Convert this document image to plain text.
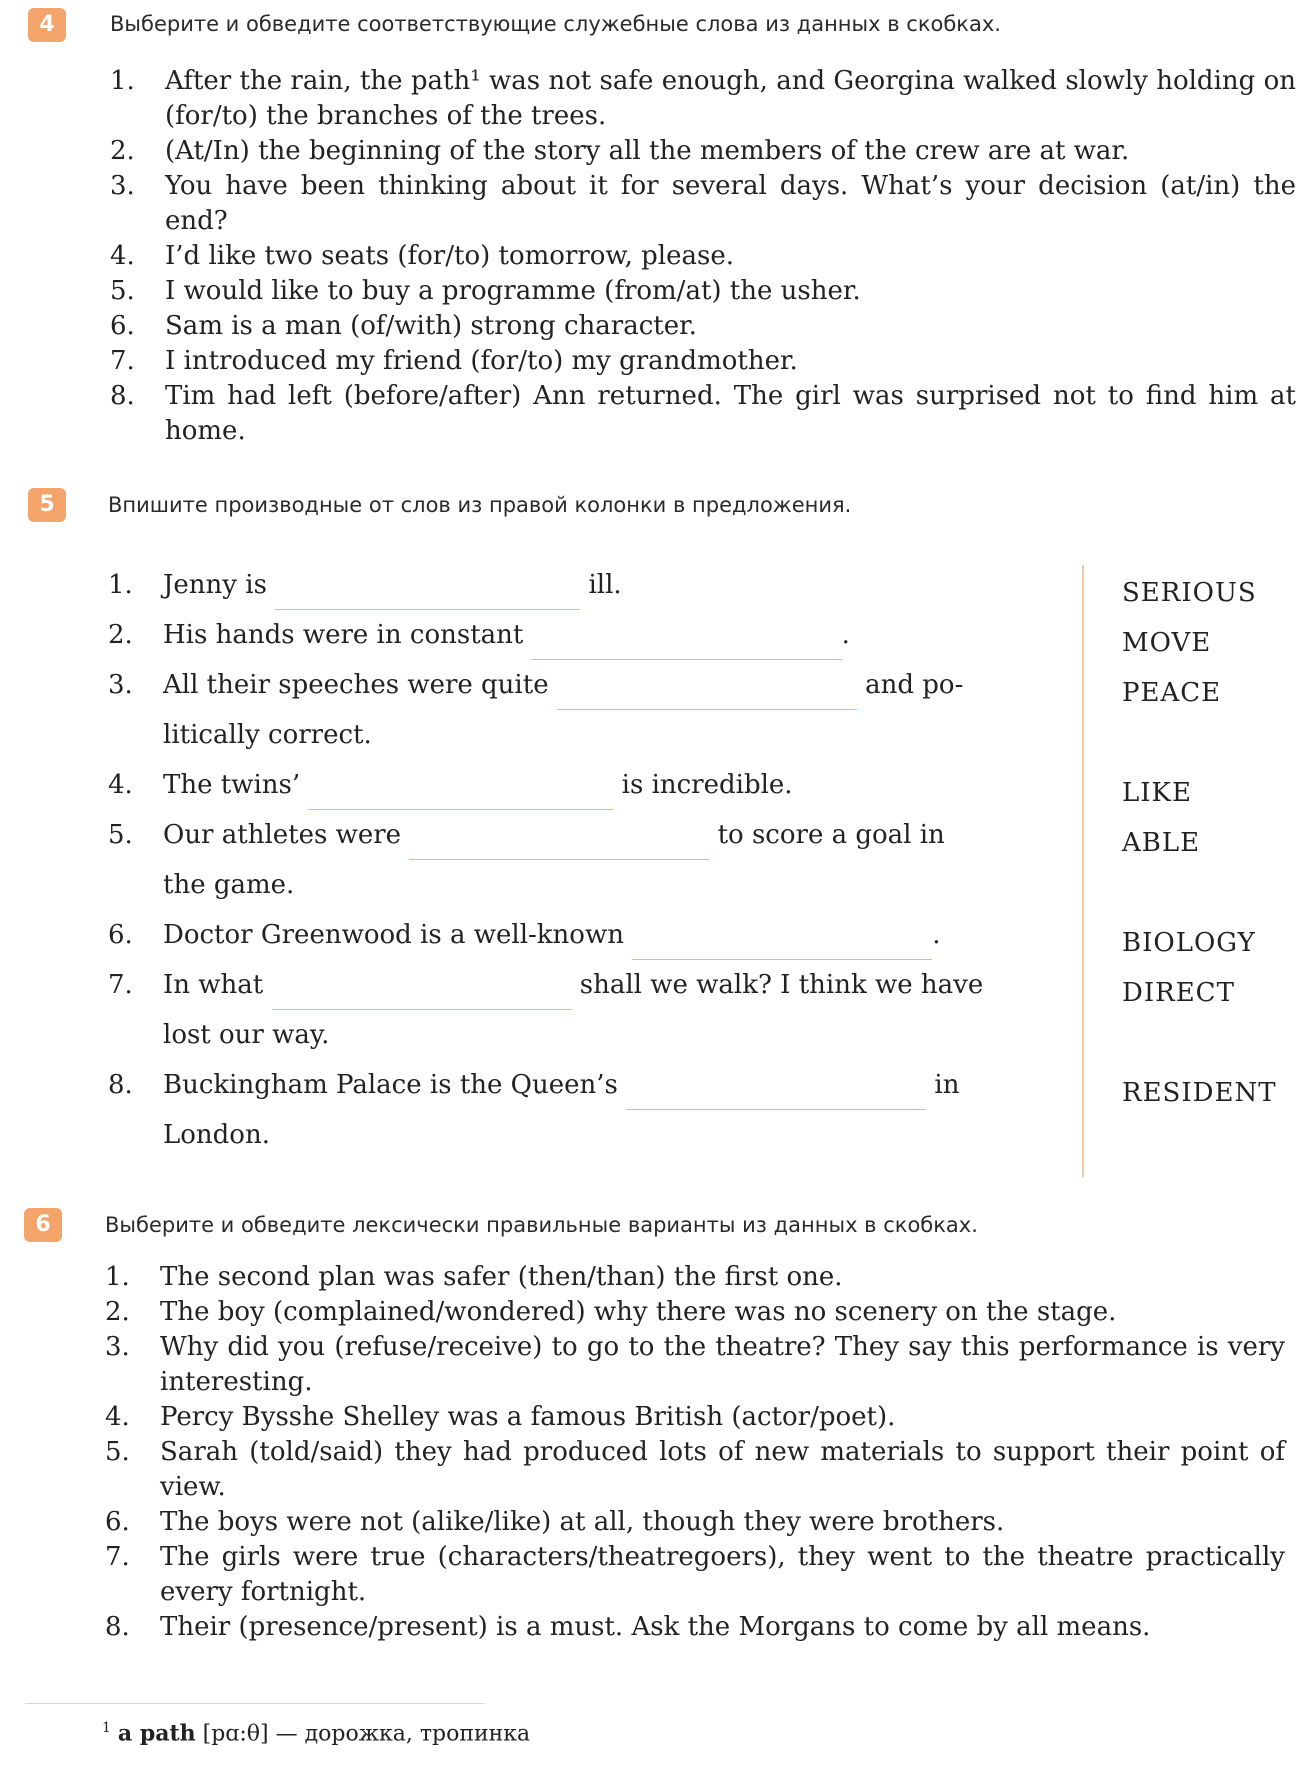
4	Выберите и обведите соответствующие служебные слова из данных в скобках.
1. After the rain, the path¹ was not safe enough, and Georgina walked slowly holding on (for/to) the branches of the trees.
2. (At/In) the beginning of the story all the members of the crew are at war.
3. You have been thinking about it for several days. What’s your decision (at/in) the end?
4. I’d like two seats (for/to) tomorrow, please.
5. I would like to buy a programme (from/at) the usher.
6. Sam is a man (of/with) strong character.
7. I introduced my friend (for/to) my grandmother.
8. Tim had left (before/after) Ann returned. The girl was surprised not to find him at home.
5	Впишите производные от слов из правой колонки в предложения.
1. Jenny is	ill.
2. His hands were in constant	.
3. All their speeches were quite	and po-
litically correct.
4. The twins’	is incredible.
5. Our athletes were	to score a goal in
the game.
6. Doctor Greenwood is a well-known	.
7. In what	shall we walk? I think we have
lost our way.
8. Buckingham Palace is the Queen’s	in
London.
SERIOUS
MOVE
PEACE
LIKE
ABLE
BIOLOGY
DIRECT
RESIDENT
6	Выберите и обведите лексически правильные варианты из данных в скобках.
1. The second plan was safer (then/than) the first one.
2. The boy (complained/wondered) why there was no scenery on the stage.
3. Why did you (refuse/receive) to go to the theatre? They say this performance is very interesting.
4. Percy Bysshe Shelley was a famous British (actor/poet).
5. Sarah (told/said) they had produced lots of new materials to support their point of view.
6. The boys were not (alike/like) at all, though they were brothers.
7. The girls were true (characters/theatregoers), they went to the theatre practically every fortnight.
8. Their (presence/present) is a must. Ask the Morgans to come by all means.
$^1$ a path [pɑ:θ] — дорожка, тропинка
